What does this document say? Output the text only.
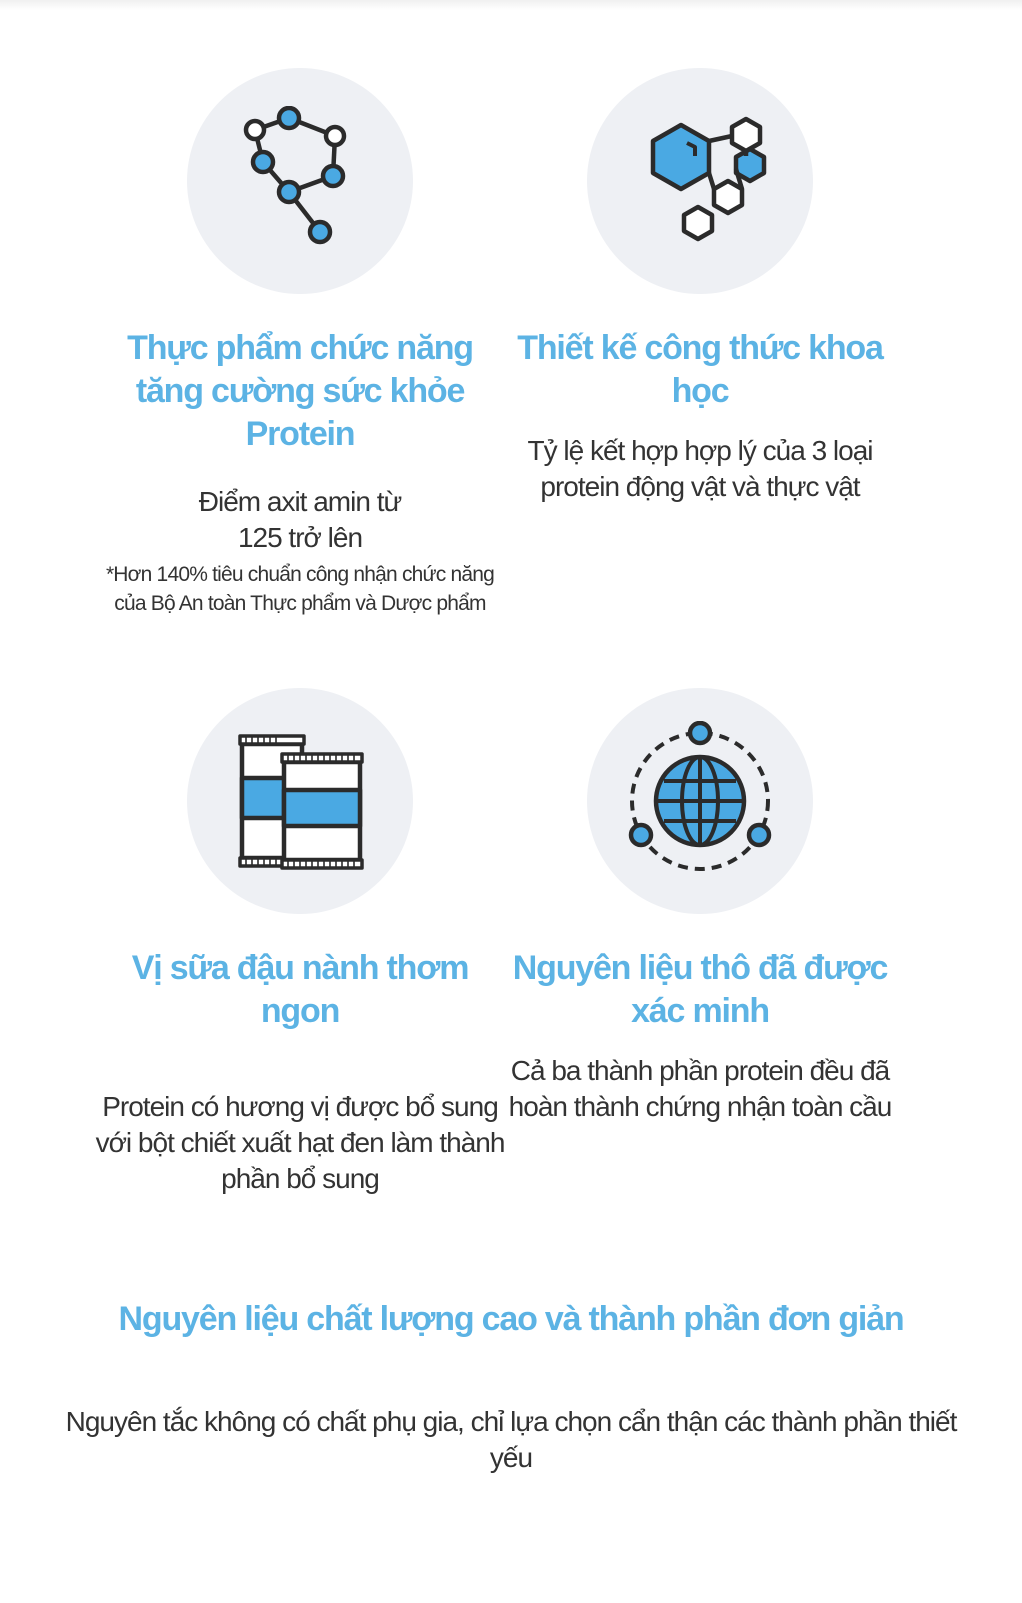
Thực phẩm chức năng tăng cường sức khỏe Protein

Điểm axit amin từ
125 trở lên

*Hơn 140% tiêu chuẩn công nhận chức năng của Bộ An toàn Thực phẩm và Dược phẩm

Thiết kế công thức khoa học

Tỷ lệ kết hợp hợp lý của 3 loại protein động vật và thực vật

Vị sữa đậu nành thơm ngon

Protein có hương vị được bổ sung với bột chiết xuất hạt đen làm thành phần bổ sung

Nguyên liệu thô đã được xác minh

Cả ba thành phần protein đều đã hoàn thành chứng nhận toàn cầu

Nguyên liệu chất lượng cao và thành phần đơn giản

Nguyên tắc không có chất phụ gia, chỉ lựa chọn cẩn thận các thành phần thiết yếu
